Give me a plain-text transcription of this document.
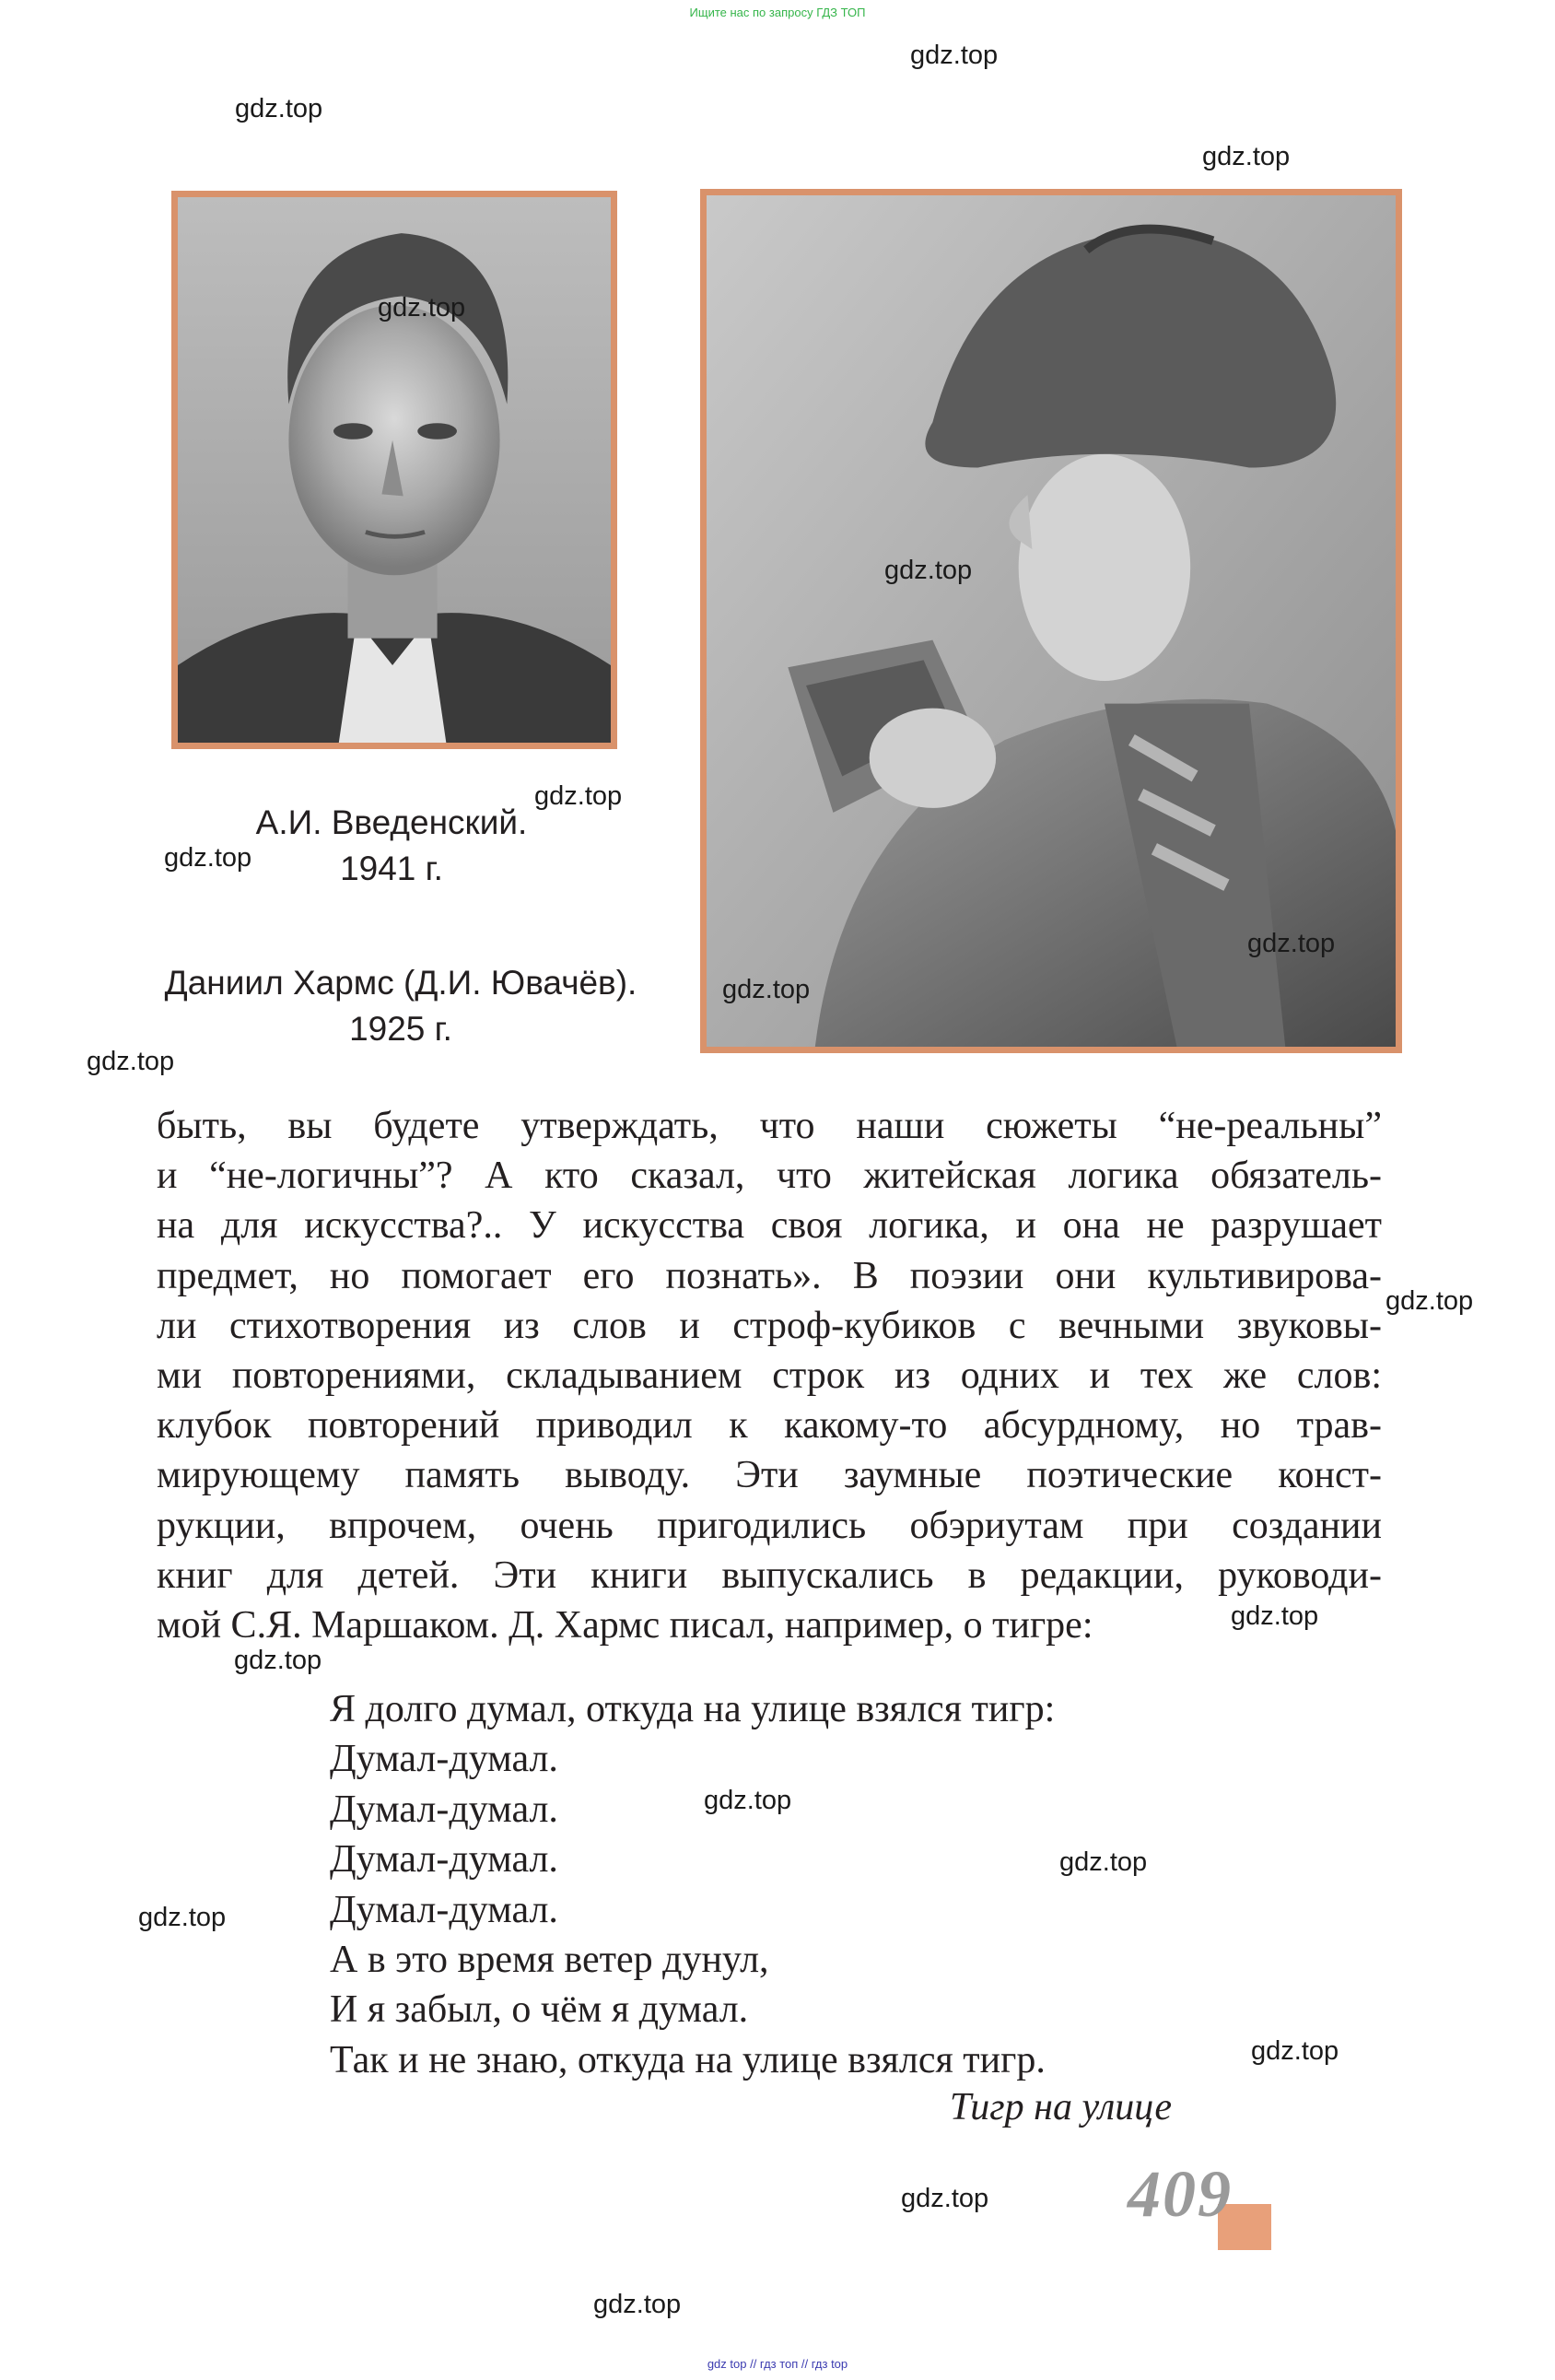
Ищите нас по запросу ГДЗ ТОП
А.И. Введенский.
1941 г.
Даниил Хармс (Д.И. Ювачёв).
1925 г.
быть, вы будете утверждать, что наши сюжеты “не-реальны”
и “не-логичны”? А кто сказал, что житейская логика обязатель-
на для искусства?.. У искусства своя логика, и она не разрушает
предмет, но помогает его познать». В поэзии они культивирова-
ли стихотворения из слов и строф-кубиков с вечными звуковы-
ми повторениями, складыванием строк из одних и тех же слов:
клубок повторений приводил к какому-то абсурдному, но трав-
мирующему память выводу. Эти заумные поэтические конст-
рукции, впрочем, очень пригодились обэриутам при создании
книг для детей. Эти книги выпускались в редакции, руководи-
мой С.Я. Маршаком. Д. Хармс писал, например, о тигре:
Я долго думал, откуда на улице взялся тигр:
Думал-думал.
Думал-думал.
Думал-думал.
Думал-думал.
А в это время ветер дунул,
И я забыл, о чём я думал.
Так и не знаю, откуда на улице взялся тигр.
Тигр на улице
409
gdz.top
gdz.top
gdz.top
gdz.top
gdz.top
gdz.top
gdz.top
gdz.top
gdz.top
gdz.top
gdz.top
gdz.top
gdz.top
gdz.top
gdz.top
gdz.top
gdz.top
gdz.top
gdz.top
gdz top // гдз топ // гдз top
